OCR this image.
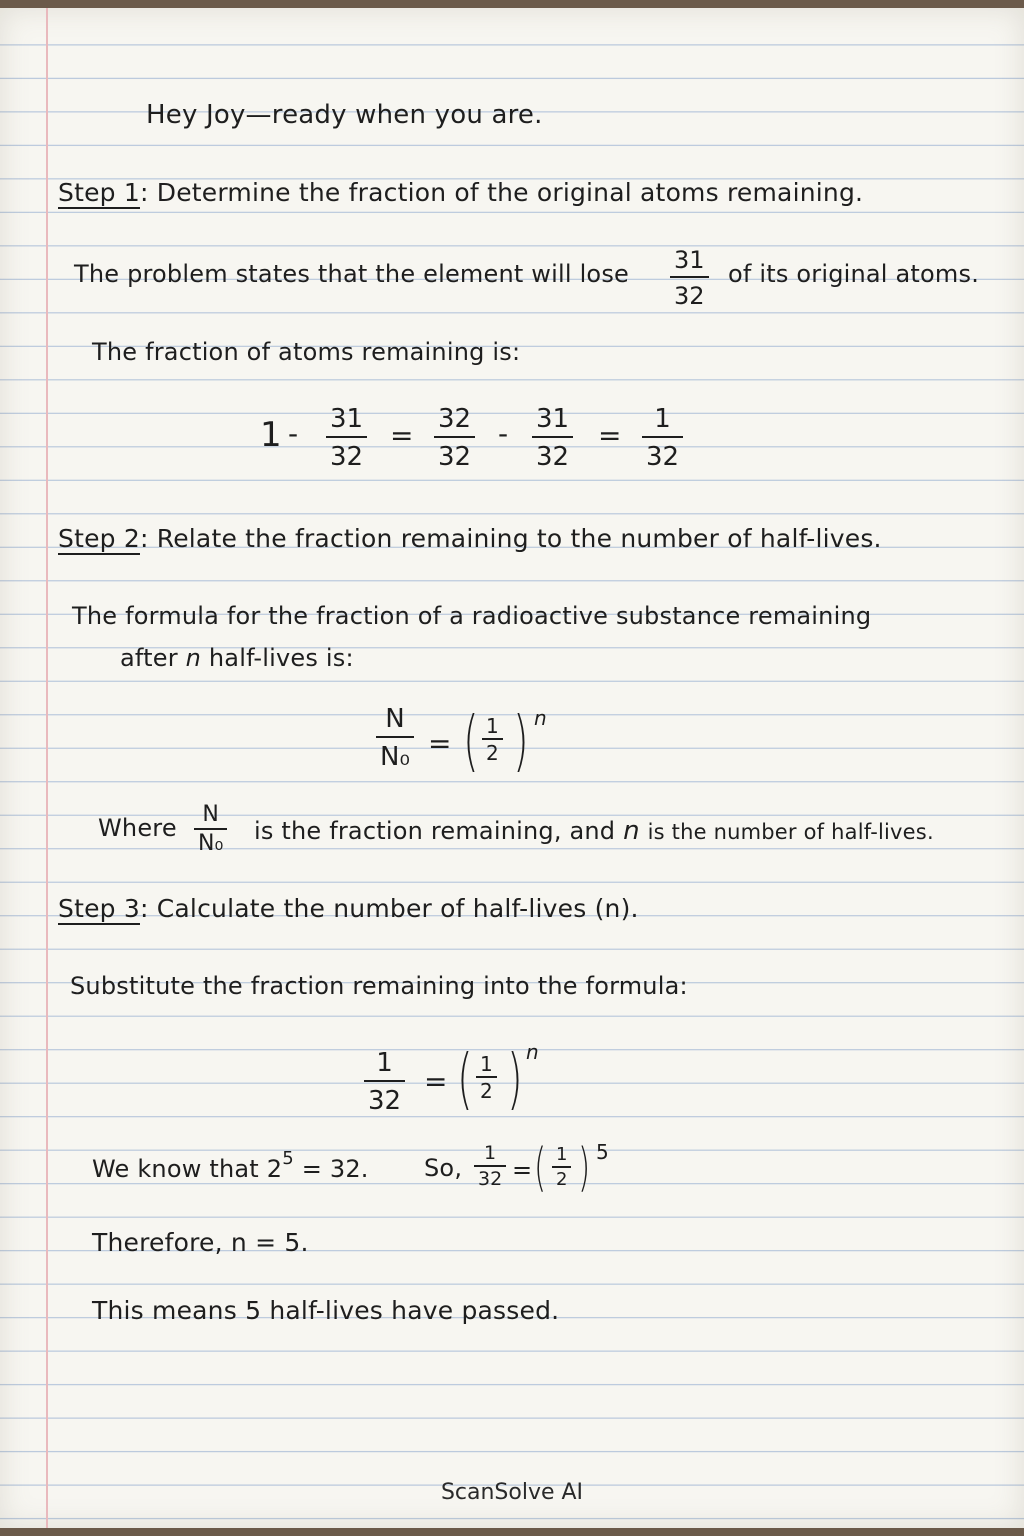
Hey Joy—ready when you are.
Step 1: Determine the fraction of the original atoms remaining.
The problem states that the element will lose 31
32
of its original atoms.
The fraction of atoms remaining is:
1 - 31
32
= 32
32
- 31
32
= 1
32
Step 2: Relate the fraction remaining to the number of half-lives.
The formula for the fraction of a radioactive substance remaining
after n half-lives is:
N
N₀ = ( 1
2 ) n
Where N
N₀ is the fraction remaining, and n is the number of half-lives.
Step 3: Calculate the number of half-lives (n).
Substitute the fraction remaining into the formula:
1
32
= ( 1
2 ) n
We know that $2^5 = 32$. So,
1
32 = ( 1
2 ) 5
Therefore, n = 5.
This means 5 half-lives have passed.
ScanSolve AI
